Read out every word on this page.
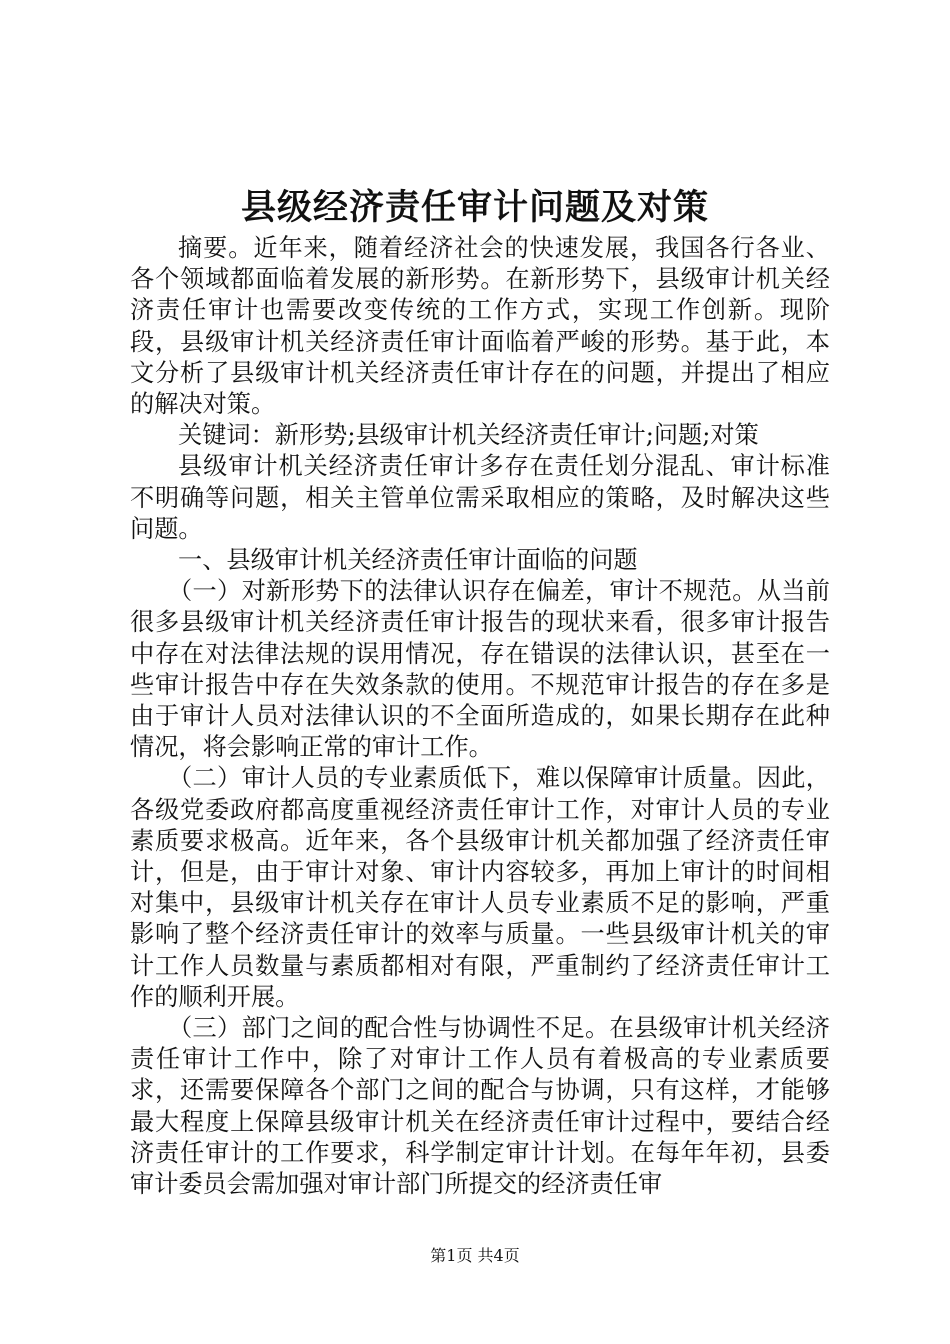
县级经济责任审计问题及对策

摘要。近年来，随着经济社会的快速发展，我国各行各业、各个领域都面临着发展的新形势。在新形势下，县级审计机关经济责任审计也需要改变传统的工作方式，实现工作创新。现阶段，县级审计机关经济责任审计面临着严峻的形势。基于此，本文分析了县级审计机关经济责任审计存在的问题，并提出了相应的解决对策。

关键词：新形势;县级审计机关经济责任审计;问题;对策

县级审计机关经济责任审计多存在责任划分混乱、审计标准不明确等问题，相关主管单位需采取相应的策略，及时解决这些问题。

一、县级审计机关经济责任审计面临的问题

（一）对新形势下的法律认识存在偏差，审计不规范。从当前很多县级审计机关经济责任审计报告的现状来看，很多审计报告中存在对法律法规的误用情况，存在错误的法律认识，甚至在一些审计报告中存在失效条款的使用。不规范审计报告的存在多是由于审计人员对法律认识的不全面所造成的，如果长期存在此种情况，将会影响正常的审计工作。

（二）审计人员的专业素质低下，难以保障审计质量。因此，各级党委政府都高度重视经济责任审计工作，对审计人员的专业素质要求极高。近年来，各个县级审计机关都加强了经济责任审计，但是，由于审计对象、审计内容较多，再加上审计的时间相对集中，县级审计机关存在审计人员专业素质不足的影响，严重影响了整个经济责任审计的效率与质量。一些县级审计机关的审计工作人员数量与素质都相对有限，严重制约了经济责任审计工作的顺利开展。

（三）部门之间的配合性与协调性不足。在县级审计机关经济责任审计工作中，除了对审计工作人员有着极高的专业素质要求，还需要保障各个部门之间的配合与协调，只有这样，才能够最大程度上保障县级审计机关在经济责任审计过程中，要结合经济责任审计的工作要求，科学制定审计计划。在每年年初，县委审计委员会需加强对审计部门所提交的经济责任审

第1页 共4页
